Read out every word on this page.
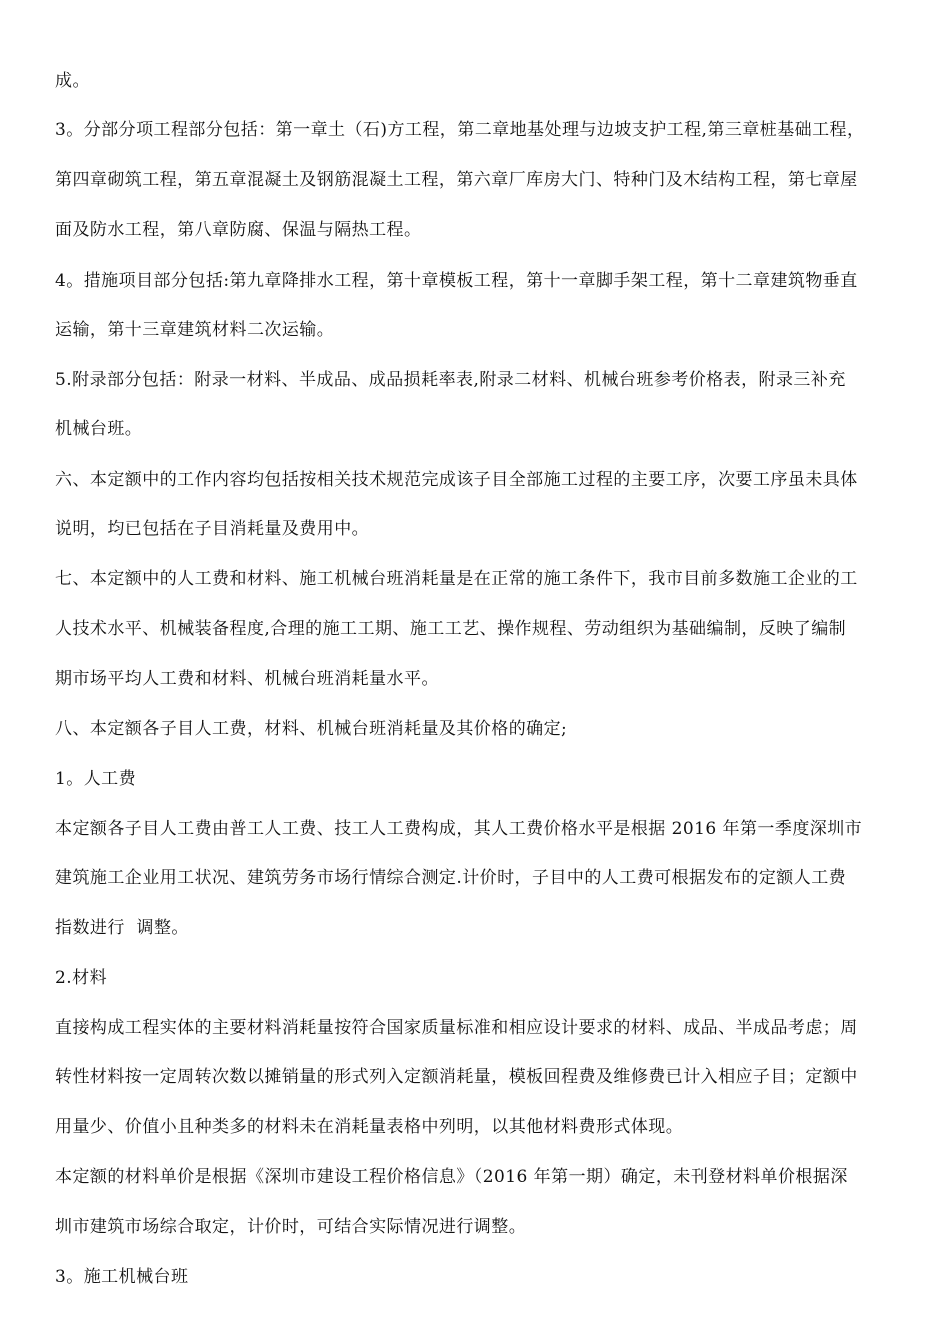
成。
3。分部分项工程部分包括：第一章土（石)方工程，第二章地基处理与边坡支护工程,第三章桩基础工程，
第四章砌筑工程，第五章混凝土及钢筋混凝土工程，第六章厂库房大门、特种门及木结构工程，第七章屋
面及防水工程，第八章防腐、保温与隔热工程。
4。措施项目部分包括:第九章降排水工程，第十章模板工程，第十一章脚手架工程，第十二章建筑物垂直
运输，第十三章建筑材料二次运输。
5.附录部分包括：附录一材料、半成品、成品损耗率表,附录二材料、机械台班参考价格表，附录三补充
机械台班。
六、本定额中的工作内容均包括按相关技术规范完成该子目全部施工过程的主要工序，次要工序虽未具体
说明，均已包括在子目消耗量及费用中。
七、本定额中的人工费和材料、施工机械台班消耗量是在正常的施工条件下，我市目前多数施工企业的工
人技术水平、机械装备程度,合理的施工工期、施工工艺、操作规程、劳动组织为基础编制，反映了编制
期市场平均人工费和材料、机械台班消耗量水平。
八、本定额各子目人工费，材料、机械台班消耗量及其价格的确定;
1。人工费
本定额各子目人工费由普工人工费、技工人工费构成，其人工费价格水平是根据 2016 年第一季度深圳市
建筑施工企业用工状况、建筑劳务市场行情综合测定.计价时，子目中的人工费可根据发布的定额人工费
指数进行  调整。
2.材料
直接构成工程实体的主要材料消耗量按符合国家质量标准和相应设计要求的材料、成品、半成品考虑；周
转性材料按一定周转次数以摊销量的形式列入定额消耗量，模板回程费及维修费已计入相应子目；定额中
用量少、价值小且种类多的材料未在消耗量表格中列明，以其他材料费形式体现。
本定额的材料单价是根据《深圳市建设工程价格信息》（2016 年第一期）确定，未刊登材料单价根据深
圳市建筑市场综合取定，计价时，可结合实际情况进行调整。
3。施工机械台班
